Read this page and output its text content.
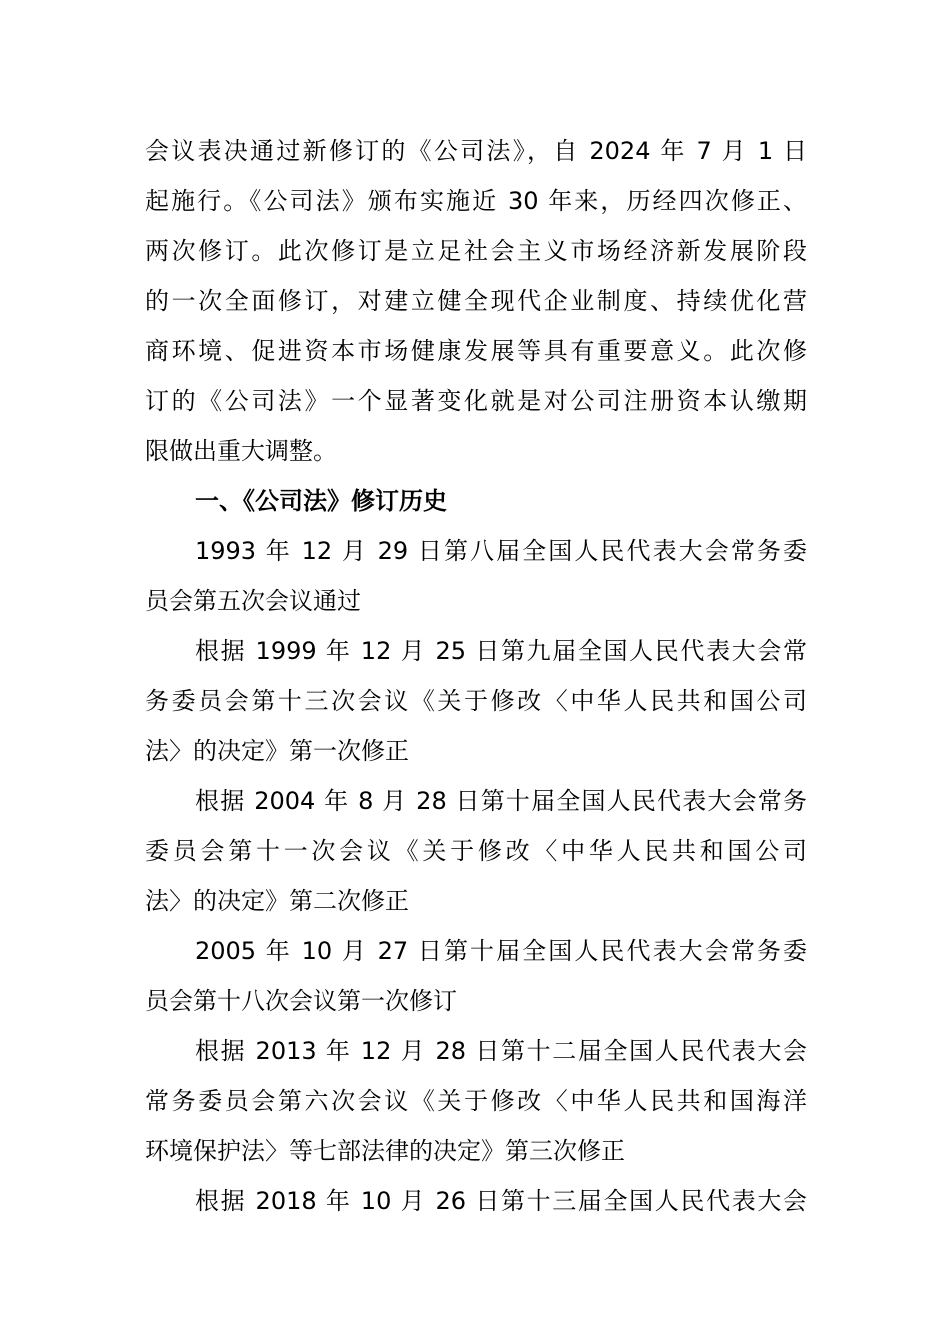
会议表决通过新修订的《公司法》，自 2024 年 7 月 1 日
起施行。《公司法》颁布实施近 30 年来，历经四次修正、
两次修订。此次修订是立足社会主义市场经济新发展阶段
的一次全面修订，对建立健全现代企业制度、持续优化营
商环境、促进资本市场健康发展等具有重要意义。此次修
订的《公司法》一个显著变化就是对公司注册资本认缴期
限做出重大调整。
一、《公司法》修订历史
1993 年 12 月 29 日第八届全国人民代表大会常务委
员会第五次会议通过
根据 1999 年 12 月 25 日第九届全国人民代表大会常
务委员会第十三次会议《关于修改〈中华人民共和国公司
法〉的决定》第一次修正
根据 2004 年 8 月 28 日第十届全国人民代表大会常务
委员会第十一次会议《关于修改〈中华人民共和国公司
法〉的决定》第二次修正
2005 年 10 月 27 日第十届全国人民代表大会常务委
员会第十八次会议第一次修订
根据 2013 年 12 月 28 日第十二届全国人民代表大会
常务委员会第六次会议《关于修改〈中华人民共和国海洋
环境保护法〉等七部法律的决定》第三次修正
根据 2018 年 10 月 26 日第十三届全国人民代表大会
